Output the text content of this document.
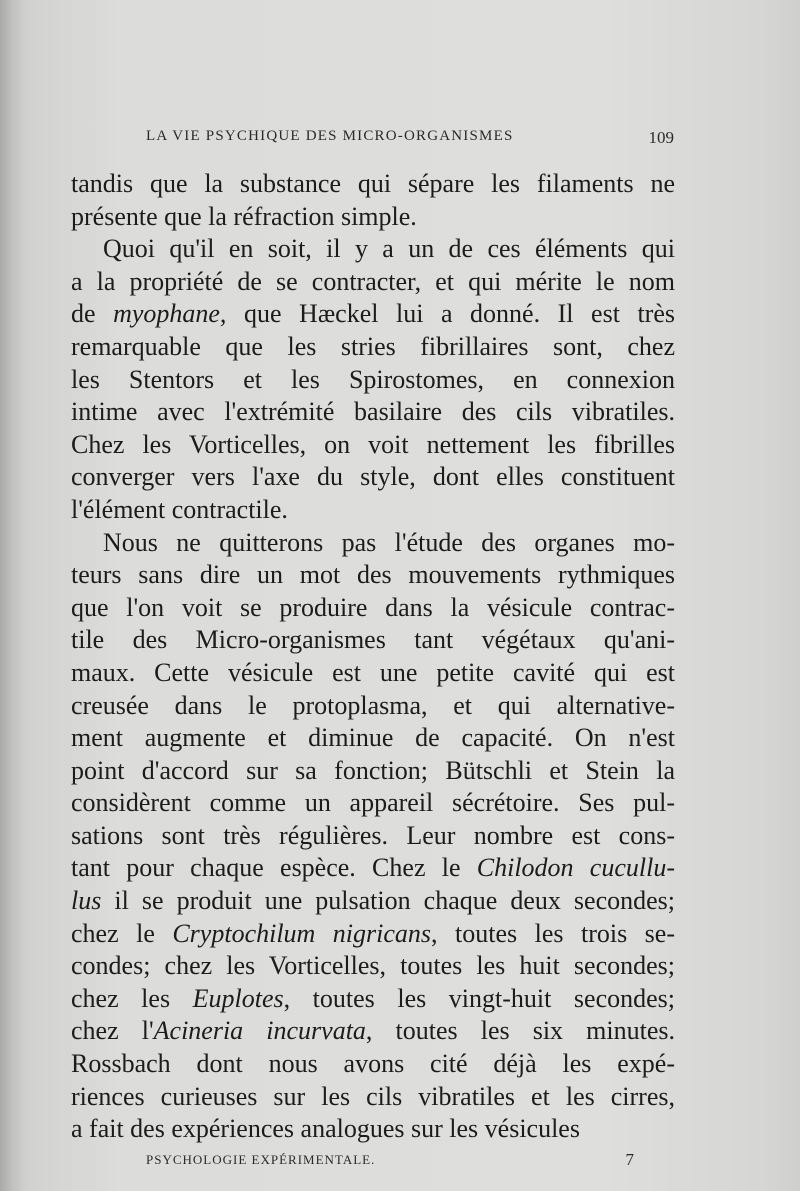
LA VIE PSYCHIQUE DES MICRO-ORGANISMES	109
tandis que la substance qui sépare les filaments ne
présente que la réfraction simple.
Quoi qu'il en soit, il y a un de ces éléments qui
a la propriété de se contracter, et qui mérite le nom
de myophane, que Hæckel lui a donné. Il est très
remarquable que les stries fibrillaires sont, chez
les Stentors et les Spirostomes, en connexion
intime avec l'extrémité basilaire des cils vibratiles.
Chez les Vorticelles, on voit nettement les fibrilles
converger vers l'axe du style, dont elles constituent
l'élément contractile.
Nous ne quitterons pas l'étude des organes mo-
teurs sans dire un mot des mouvements rythmiques
que l'on voit se produire dans la vésicule contrac-
tile des Micro-organismes tant végétaux qu'ani-
maux. Cette vésicule est une petite cavité qui est
creusée dans le protoplasma, et qui alternative-
ment augmente et diminue de capacité. On n'est
point d'accord sur sa fonction; Bütschli et Stein la
considèrent comme un appareil sécrétoire. Ses pul-
sations sont très régulières. Leur nombre est cons-
tant pour chaque espèce. Chez le Chilodon cucullu-
lus il se produit une pulsation chaque deux secondes;
chez le Cryptochilum nigricans, toutes les trois se-
condes; chez les Vorticelles, toutes les huit secondes;
chez les Euplotes, toutes les vingt-huit secondes;
chez l'Acineria incurvata, toutes les six minutes.
Rossbach dont nous avons cité déjà les expé-
riences curieuses sur les cils vibratiles et les cirres,
a fait des expériences analogues sur les vésicules
PSYCHOLOGIE EXPÉRIMENTALE.	7
